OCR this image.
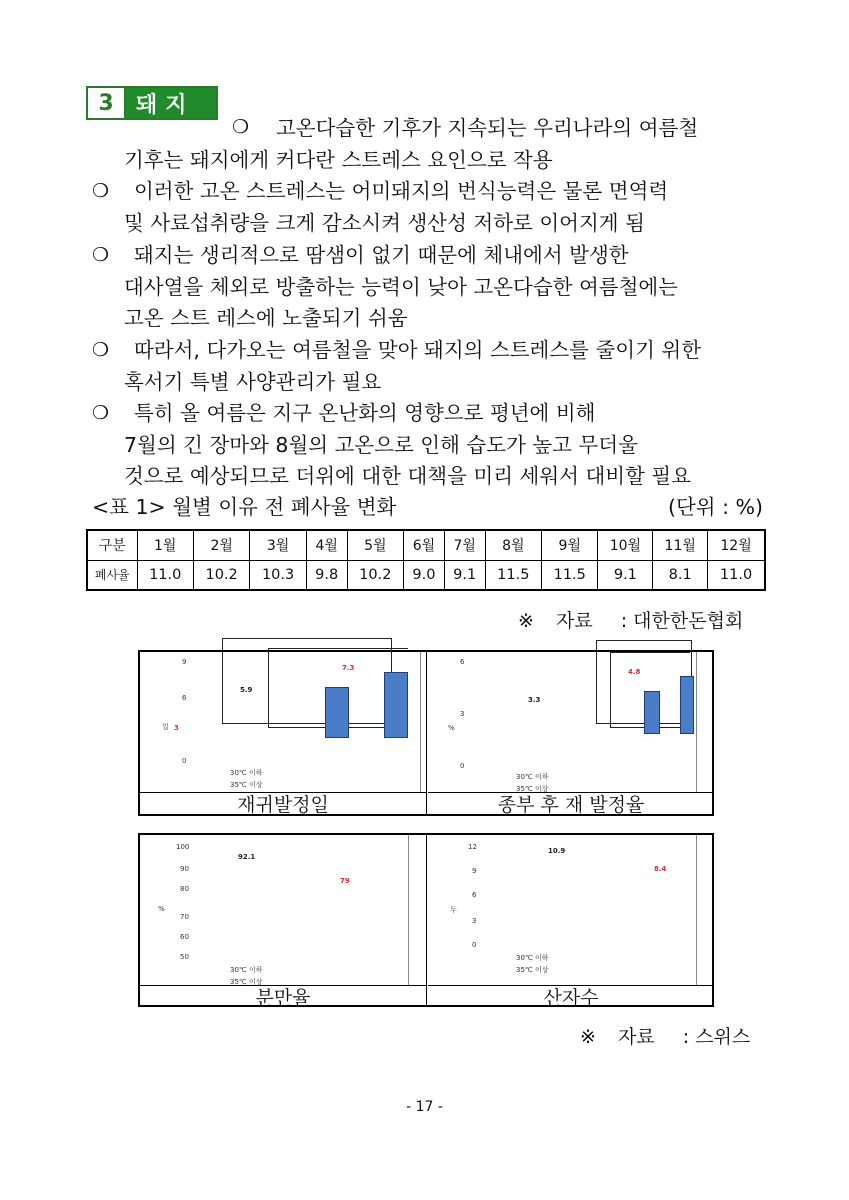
3	돼지
❍ 고온다습한 기후가 지속되는 우리나라의 여름철
기후는 돼지에게 커다란 스트레스 요인으로 작용
❍ 이러한 고온 스트레스는 어미돼지의 번식능력은 물론 면역력
및 사료섭취량을 크게 감소시켜 생산성 저하로 이어지게 됨
❍ 돼지는 생리적으로 땀샘이 없기 때문에 체내에서 발생한
대사열을 체외로 방출하는 능력이 낮아 고온다습한 여름철에는
고온 스트 레스에 노출되기 쉬움
❍ 따라서, 다가오는 여름철을 맞아 돼지의 스트레스를 줄이기 위한
혹서기 특별 사양관리가 필요
❍ 특히 올 여름은 지구 온난화의 영향으로 평년에 비해
7월의 긴 장마와 8월의 고온으로 인해 습도가 높고 무더울
것으로 예상되므로 더위에 대한 대책을 미리 세워서 대비할 필요
<표 1> 월별 이유 전 폐사율 변화	(단위 : %)
구분	1월	2월	3월	4월	5월	6월	7월	8월	9월	10월	11월	12월
폐사율	11.0	10.2	10.3	9.8	10.2	9.0	9.1	11.5	11.5	9.1	8.1	11.0
※ 자료 : 대한한돈협회
9
6
0
일 3
5.9
7.3
30℃ 이하
35℃ 이상
재귀발정일
6
3
0
%
3.3
4.8
30℃ 이하
35℃ 이상
종부 후 재 발정율
100
90
80
70
60
50
%
92.1
79
30℃ 이하
35℃ 이상
분만율
12
9
6
3
0
두
10.9
8.4
30℃ 이하
35℃ 이상
산자수
※ 자료 : 스위스
- 17 -
